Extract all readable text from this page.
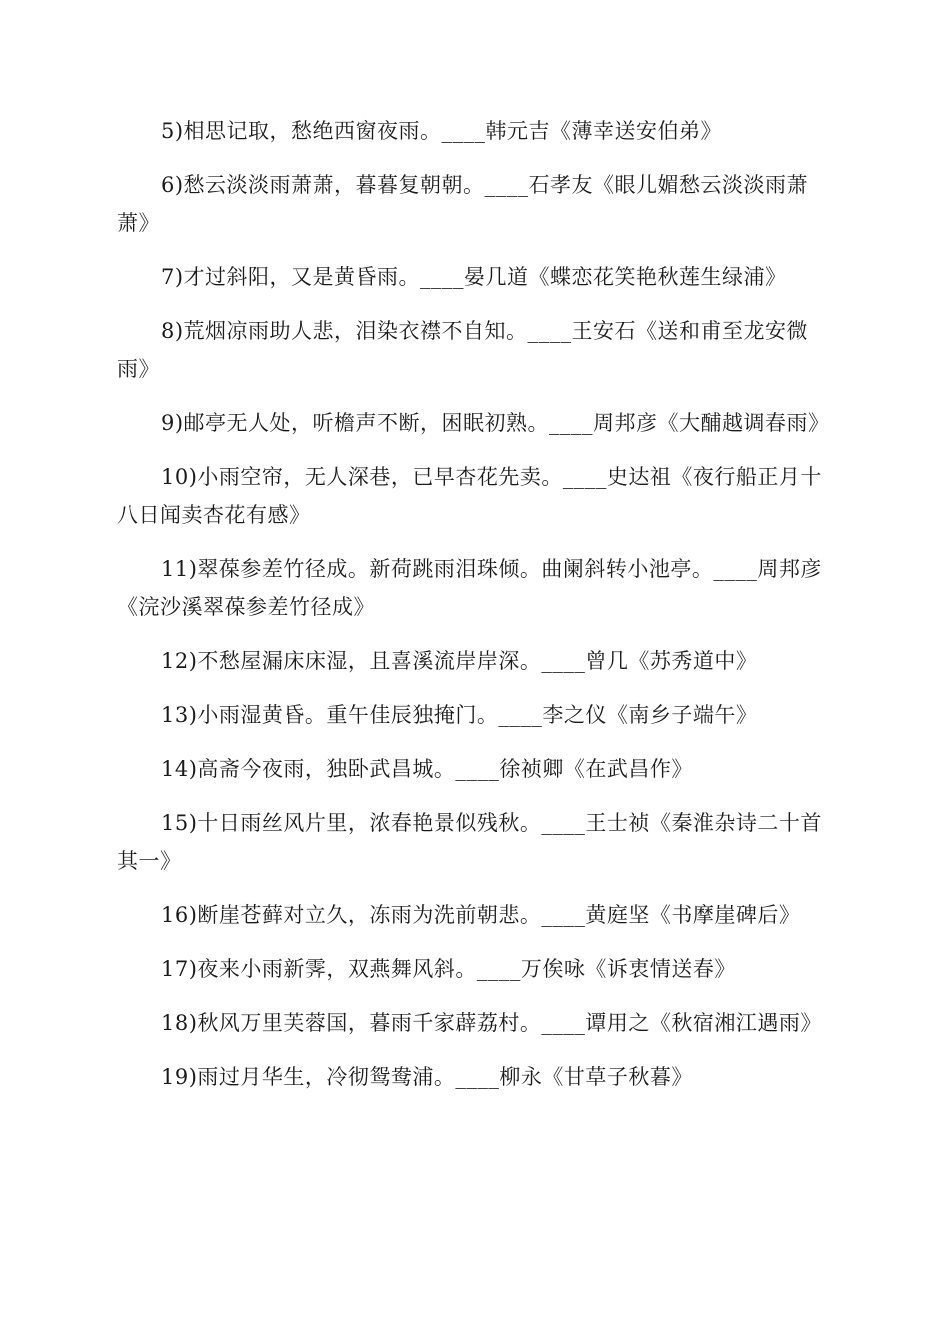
5)相思记取，愁绝西窗夜雨。____韩元吉《薄幸送安伯弟》

6)愁云淡淡雨萧萧，暮暮复朝朝。____石孝友《眼儿媚愁云淡淡雨萧萧》

7)才过斜阳，又是黄昏雨。____晏几道《蝶恋花笑艳秋莲生绿浦》

8)荒烟凉雨助人悲，泪染衣襟不自知。____王安石《送和甫至龙安微雨》

9)邮亭无人处，听檐声不断，困眠初熟。____周邦彦《大酺越调春雨》

10)小雨空帘，无人深巷，已早杏花先卖。____史达祖《夜行船正月十八日闻卖杏花有感》

11)翠葆参差竹径成。新荷跳雨泪珠倾。曲阑斜转小池亭。____周邦彦《浣沙溪翠葆参差竹径成》

12)不愁屋漏床床湿，且喜溪流岸岸深。____曾几《苏秀道中》

13)小雨湿黄昏。重午佳辰独掩门。____李之仪《南乡子端午》

14)高斋今夜雨，独卧武昌城。____徐祯卿《在武昌作》

15)十日雨丝风片里，浓春艳景似残秋。____王士祯《秦淮杂诗二十首其一》

16)断崖苍藓对立久，冻雨为洗前朝悲。____黄庭坚《书摩崖碑后》

17)夜来小雨新霁，双燕舞风斜。____万俟咏《诉衷情送春》

18)秋风万里芙蓉国，暮雨千家薜荔村。____谭用之《秋宿湘江遇雨》

19)雨过月华生，冷彻鸳鸯浦。____柳永《甘草子秋暮》
